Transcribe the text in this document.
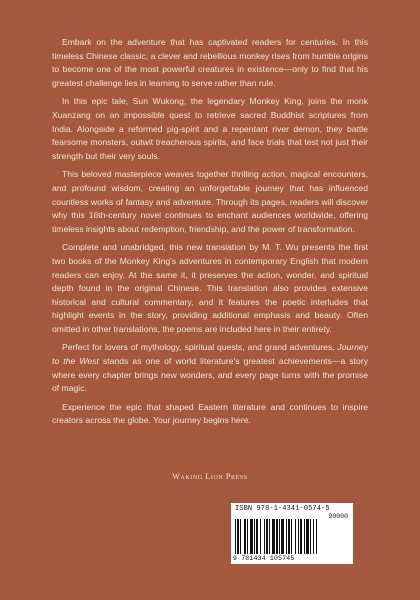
Embark on the adventure that has captivated readers for centuries. In this timeless Chinese classic, a clever and rebellious monkey rises from humble origins to become one of the most powerful creatures in existence—only to find that his greatest challenge lies in learning to serve rather than rule.

In this epic tale, Sun Wukong, the legendary Monkey King, joins the monk Xuanzang on an impossible quest to retrieve sacred Buddhist scriptures from India. Alongside a reformed pig-spirit and a repentant river demon, they battle fearsome monsters, outwit treacherous spirits, and face trials that test not just their strength but their very souls.

This beloved masterpiece weaves together thrilling action, magical encounters, and profound wisdom, creating an unforgettable journey that has influenced countless works of fantasy and adventure. Through its pages, readers will discover why this 16th-century novel continues to enchant audiences worldwide, offering timeless insights about redemption, friendship, and the power of transformation.

Complete and unabridged, this new translation by M. T. Wu presents the first two books of the Monkey King's adventures in contemporary English that modern readers can enjoy. At the same it, it preserves the action, wonder, and spiritual depth found in the original Chinese. This translation also provides extensive historical and cultural commentary, and it features the poetic interludes that highlight events in the story, providing additional emphasis and beauty. Often omitted in other translations, the poems are included here in their entirety.

Perfect for lovers of mythology, spiritual quests, and grand adventures, Journey to the West stands as one of world literature's greatest achievements—a story where every chapter brings new wonders, and every page turns with the promise of magic.

Experience the epic that shaped Eastern literature and continues to inspire creators across the globe. Your journey begins here.

Waking Lion Press
ISBN 978-1-4341-0574-5
90000
9 781434 105745
